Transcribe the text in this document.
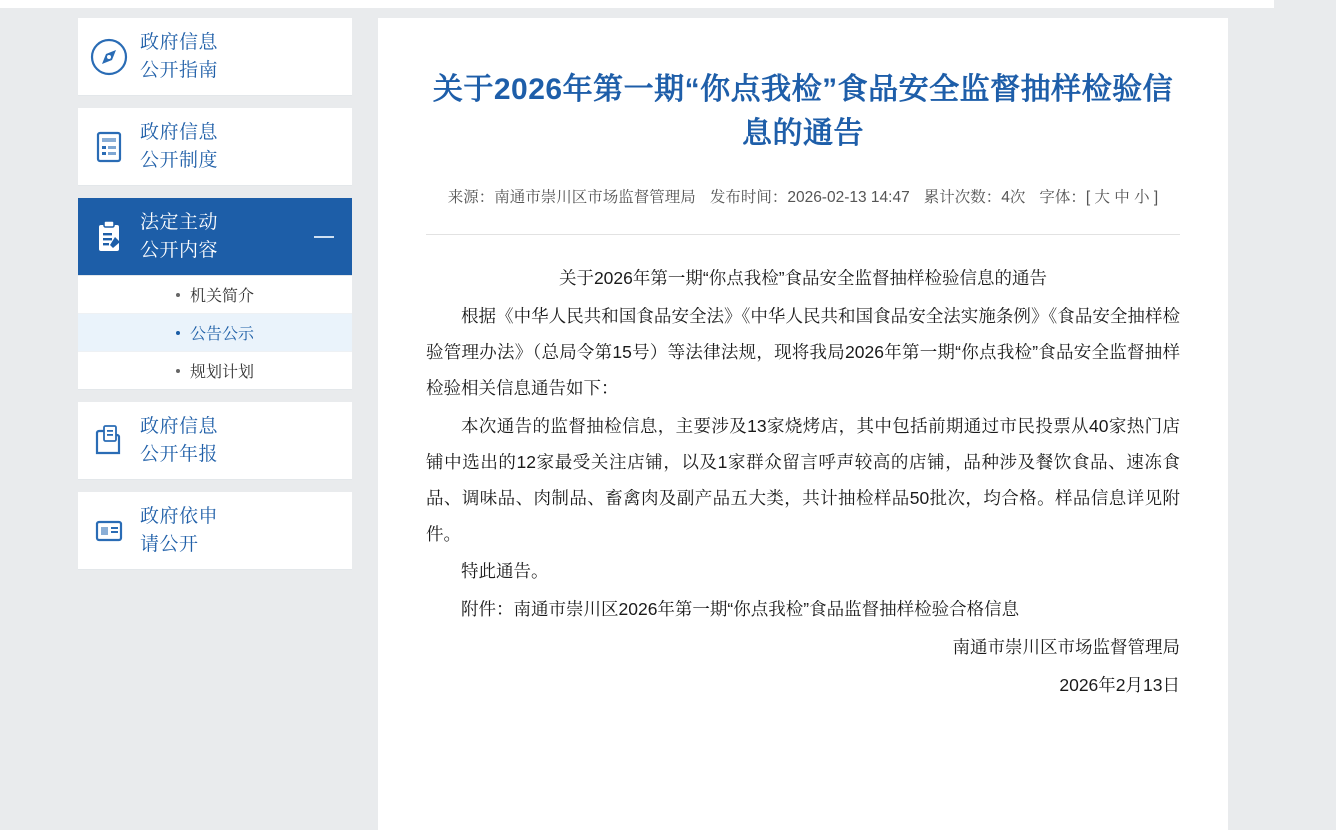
政府信息
公开指南
政府信息
公开制度
法定主动
公开内容
机关简介
公告公示
规划计划
政府信息
公开年报
政府依申
请公开
关于2026年第一期“你点我检”食品安全监督抽样检验信息的通告
来源：南通市崇川区市场监督管理局 发布时间：2026-02-13 14:47 累计次数：4次 字体：[ 大 中 小 ]

关于2026年第一期“你点我检”食品安全监督抽样检验信息的通告

根据《中华人民共和国食品安全法》《中华人民共和国食品安全法实施条例》《食品安全抽样检验管理办法》（总局令第15号）等法律法规，现将我局2026年第一期“你点我检”食品安全监督抽样检验相关信息通告如下：

本次通告的监督抽检信息，主要涉及13家烧烤店，其中包括前期通过市民投票从40家热门店铺中选出的12家最受关注店铺，以及1家群众留言呼声较高的店铺，品种涉及餐饮食品、速冻食品、调味品、肉制品、畜禽肉及副产品五大类，共计抽检样品50批次，均合格。样品信息详见附件。

特此通告。

附件：南通市崇川区2026年第一期“你点我检”食品监督抽样检验合格信息

南通市崇川区市场监督管理局

2026年2月13日
